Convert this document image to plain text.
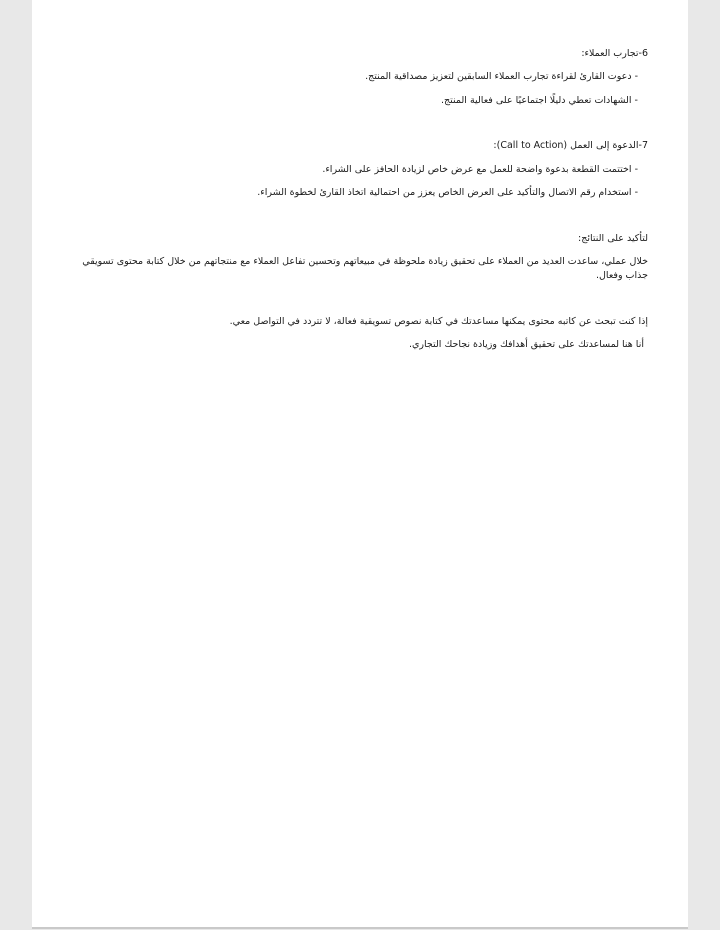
6-تجارب العملاء:
- دعوت القارئ لقراءة تجارب العملاء السابقين لتعزيز مصداقية المنتج.
- الشهادات تعطي دليلًا اجتماعيًا على فعالية المنتج.
7-الدعوة إلى العمل (Call to Action):
- اختتمت القطعة بدعوة واضحة للعمل مع عرض خاص لزيادة الحافز على الشراء.
- استخدام رقم الاتصال والتأكيد على العرض الخاص يعزز من احتمالية اتخاذ القارئ لخطوة الشراء.
لتأكيد على النتائج:
خلال عملي، ساعدت العديد من العملاء على تحقيق زيادة ملحوظة في مبيعاتهم وتحسين تفاعل العملاء مع منتجاتهم من خلال كتابة محتوى تسويقي جذاب وفعال.
إذا كنت تبحث عن كاتبه محتوى يمكنها مساعدتك في كتابة نصوص تسويقية فعالة، لا تتردد في التواصل معي.
أنا هنا لمساعدتك على تحقيق أهدافك وزيادة نجاحك التجاري.
